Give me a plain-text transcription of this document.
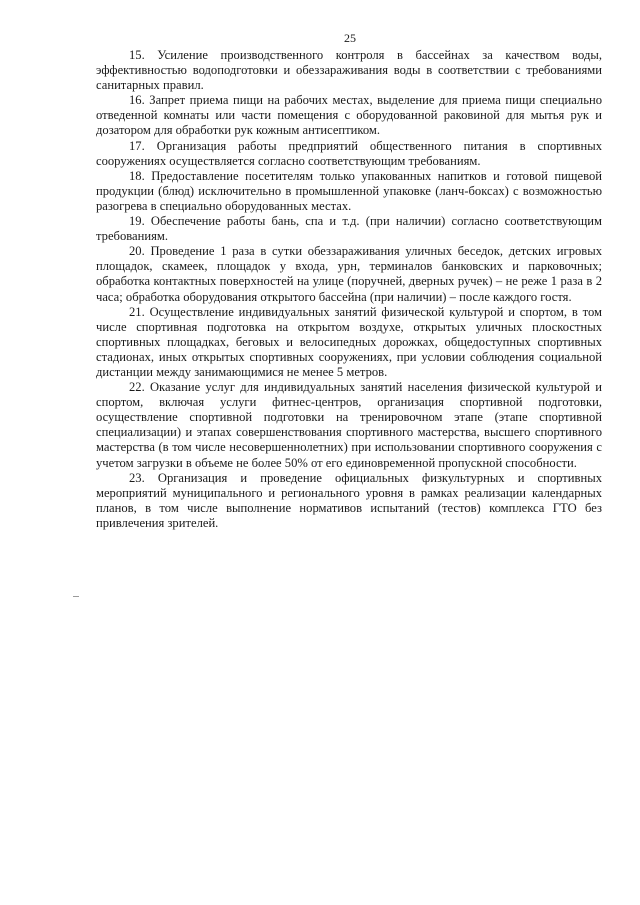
25

15. Усиление производственного контроля в бассейнах за качеством воды, эффективностью водоподготовки и обеззараживания воды в соответствии с требованиями санитарных правил.

16. Запрет приема пищи на рабочих местах, выделение для приема пищи специально отведенной комнаты или части помещения с оборудованной раковиной для мытья рук и дозатором для обработки рук кожным антисептиком.

17. Организация работы предприятий общественного питания в спортивных сооружениях осуществляется согласно соответствующим требованиям.

18. Предоставление посетителям только упакованных напитков и готовой пищевой продукции (блюд) исключительно в промышленной упаковке (ланч-боксах) с возможностью разогрева в специально оборудованных местах.

19. Обеспечение работы бань, спа и т.д. (при наличии) согласно соответствующим требованиям.

20. Проведение 1 раза в сутки обеззараживания уличных беседок, детских игровых площадок, скамеек, площадок у входа, урн, терминалов банковских и парковочных; обработка контактных поверхностей на улице (поручней, дверных ручек) – не реже 1 раза в 2 часа; обработка оборудования открытого бассейна (при наличии) – после каждого гостя.

21. Осуществление индивидуальных занятий физической культурой и спортом, в том числе спортивная подготовка на открытом воздухе, открытых уличных плоскостных спортивных площадках, беговых и велосипедных дорожках, общедоступных спортивных стадионах, иных открытых спортивных сооружениях, при условии соблюдения социальной дистанции между занимающимися не менее 5 метров.

22. Оказание услуг для индивидуальных занятий населения физической культурой и спортом, включая услуги фитнес-центров, организация спортивной подготовки, осуществление спортивной подготовки на тренировочном этапе (этапе спортивной специализации) и этапах совершенствования спортивного мастерства, высшего спортивного мастерства (в том числе несовершеннолетних) при использовании спортивного сооружения с учетом загрузки в объеме не более 50% от его единовременной пропускной способности.

23. Организация и проведение официальных физкультурных и спортивных мероприятий муниципального и регионального уровня в рамках реализации календарных планов, в том числе выполнение нормативов испытаний (тестов) комплекса ГТО без привлечения зрителей.
